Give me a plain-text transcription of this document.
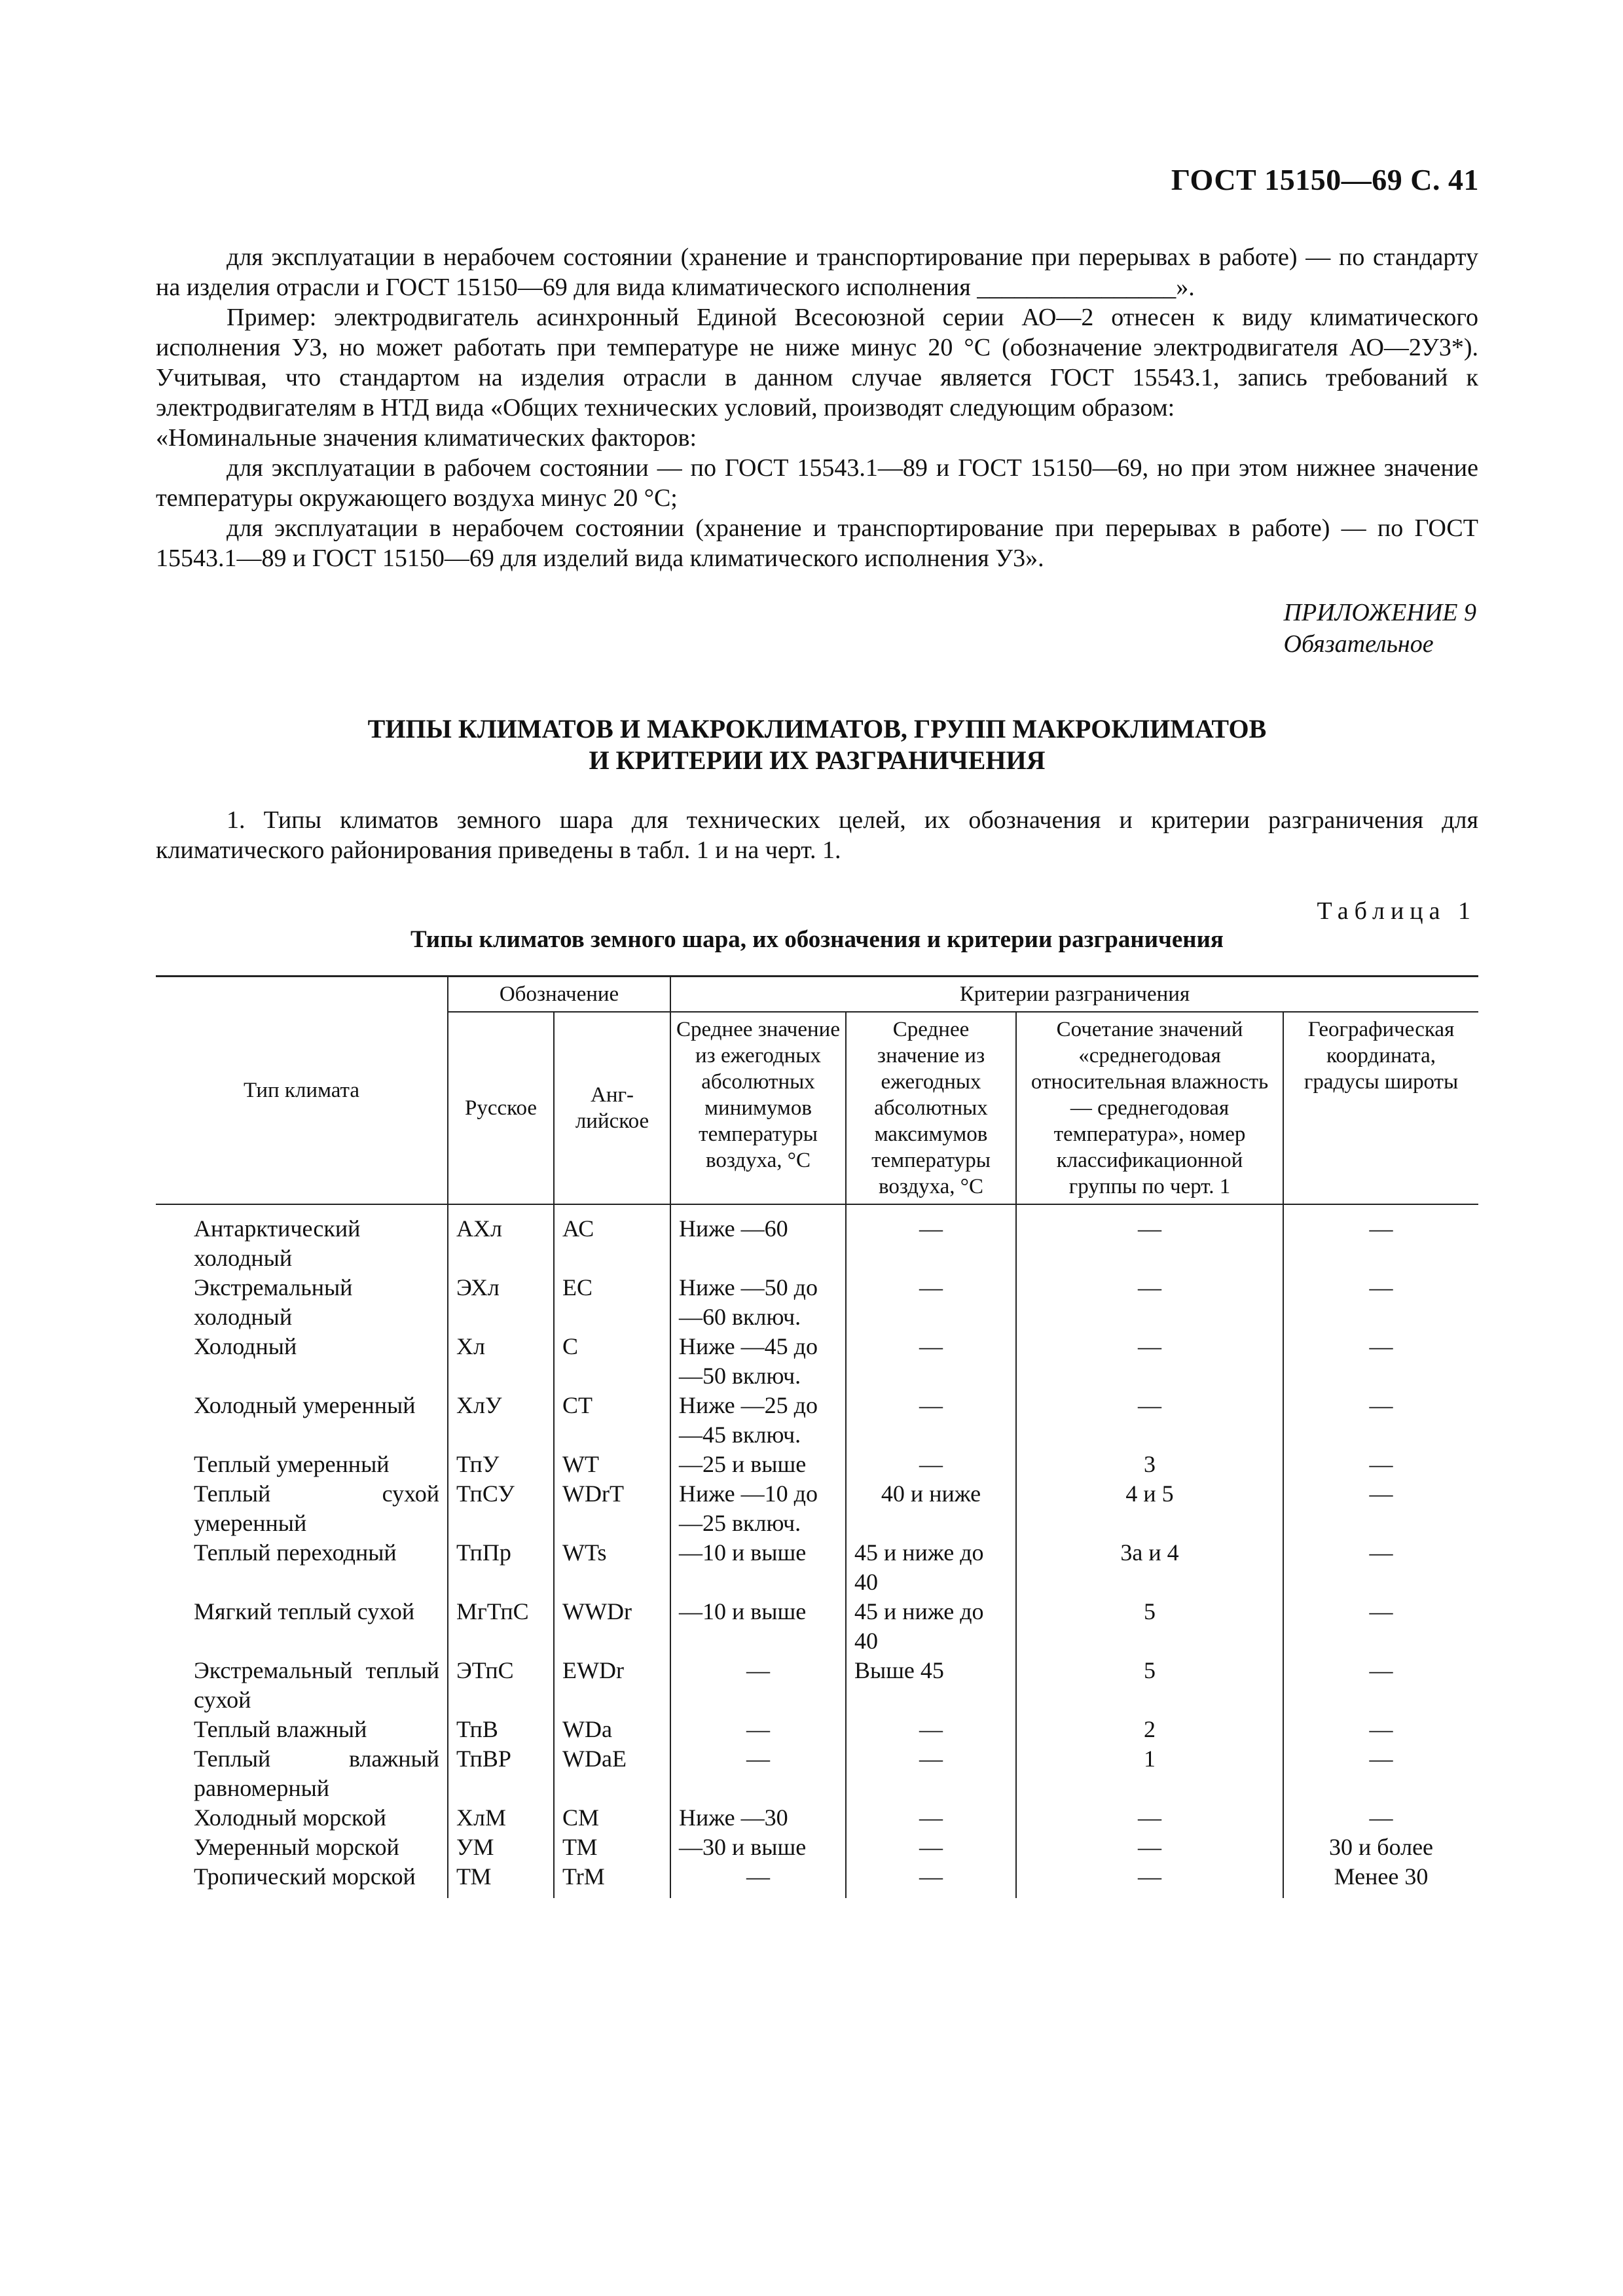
ГОСТ 15150—69 С. 41

для эксплуатации в нерабочем состоянии (хранение и транспортирование при перерывах в работе) — по стандарту на изделия отрасли и ГОСТ 15150—69 для вида климатического исполнения ________________».

Пример: электродвигатель асинхронный Единой Всесоюзной серии АО—2 отнесен к виду климатического исполнения У3, но может работать при температуре не ниже минус 20 °С (обозначение электродвигателя АО—2У3*). Учитывая, что стандартом на изделия отрасли в данном случае является ГОСТ 15543.1, запись требований к электродвигателям в НТД вида «Общих технических условий, производят следующим образом:

«Номинальные значения климатических факторов:

для эксплуатации в рабочем состоянии — по ГОСТ 15543.1—89 и ГОСТ 15150—69, но при этом нижнее значение температуры окружающего воздуха минус 20 °С;

для эксплуатации в нерабочем состоянии (хранение и транспортирование при перерывах в работе) — по ГОСТ 15543.1—89 и ГОСТ 15150—69 для изделий вида климатического исполнения У3».

ПРИЛОЖЕНИЕ 9
Обязательное
ТИПЫ КЛИМАТОВ И МАКРОКЛИМАТОВ, ГРУПП МАКРОКЛИМАТОВ
И КРИТЕРИИ ИХ РАЗГРАНИЧЕНИЯ

1. Типы климатов земного шара для технических целей, их обозначения и критерии разграничения для климатического районирования приведены в табл. 1 и на черт. 1.

Таблица 1
Типы климатов земного шара, их обозначения и критерии разграничения
Тип климата	Обозначение		Критерии разграничения			
	Русское	Анг-лийское	Среднее значение из ежегодных абсолютных минимумов температуры воздуха, °С	Среднее значение из ежегодных абсолютных максимумов температуры воздуха, °С	Сочетание значений «среднегодовая относительная влажность — среднегодовая температура», номер классификационной группы по черт. 1	Географическая координата, градусы широты
Антарктический холодный	АХл	АС	Ниже —60	—	—	—
Экстремальный холодный	ЭХл	ЕС	Ниже —50 до —60 включ.	—	—	—
Холодный	Хл	С	Ниже —45 до —50 включ.	—	—	—
Холодный умеренный	ХлУ	СТ	Ниже —25 до —45 включ.	—	—	—
Теплый умеренный	ТпУ	WT	—25 и выше	—	3	—
Теплый сухой умеренный	ТпСУ	WDrT	Ниже —10 до —25 включ.	40 и ниже	4 и 5	—
Теплый переходный	ТпПр	WTs	—10 и выше	45 и ниже до 40	3а и 4	—
Мягкий теплый сухой	МгТпС	WWDr	—10 и выше	45 и ниже до 40	5	—
Экстремальный теплый сухой	ЭТпС	EWDr	—	Выше 45	5	—
Теплый влажный	ТпВ	WDa	—	—	2	—
Теплый влажный равномерный	ТпВР	WDaE	—	—	1	—
Холодный морской	ХлМ	СМ	Ниже —30	—	—	—
Умеренный морской	УМ	ТМ	—30 и выше	—	—	30 и более
Тропический морской	ТМ	TrM	—	—	—	Менее 30
